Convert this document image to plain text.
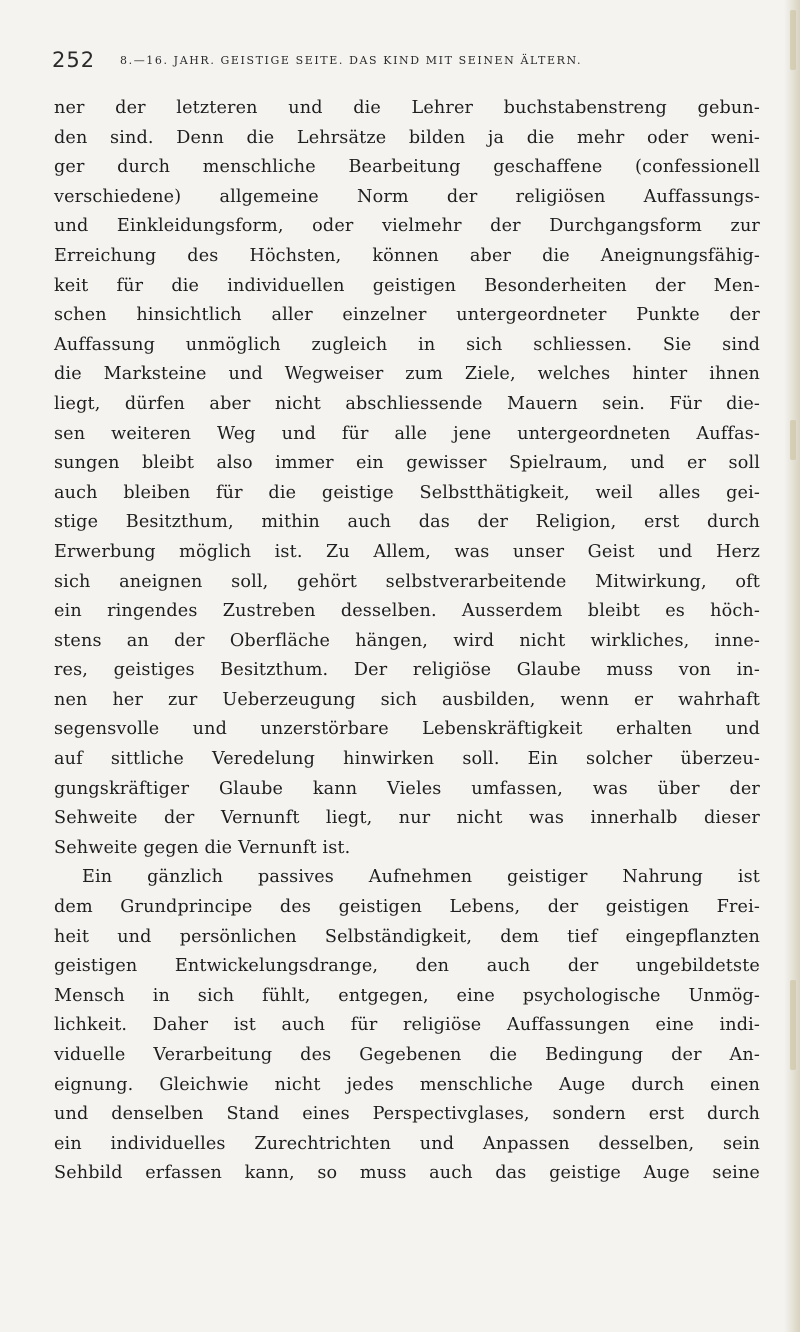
252 8.—16. JAHR. GEISTIGE SEITE. DAS KIND MIT SEINEN ÄLTERN.
ner der letzteren und die Lehrer buchstabenstreng gebun-
den sind. Denn die Lehrsätze bilden ja die mehr oder weni-
ger durch menschliche Bearbeitung geschaffene (confessionell
verschiedene) allgemeine Norm der religiösen Auffassungs-
und Einkleidungsform, oder vielmehr der Durchgangsform zur
Erreichung des Höchsten, können aber die Aneignungsfähig-
keit für die individuellen geistigen Besonderheiten der Men-
schen hinsichtlich aller einzelner untergeordneter Punkte der
Auffassung unmöglich zugleich in sich schliessen. Sie sind
die Marksteine und Wegweiser zum Ziele, welches hinter ihnen
liegt, dürfen aber nicht abschliessende Mauern sein. Für die-
sen weiteren Weg und für alle jene untergeordneten Auffas-
sungen bleibt also immer ein gewisser Spielraum, und er soll
auch bleiben für die geistige Selbstthätigkeit, weil alles gei-
stige Besitzthum, mithin auch das der Religion, erst durch
Erwerbung möglich ist. Zu Allem, was unser Geist und Herz
sich aneignen soll, gehört selbstverarbeitende Mitwirkung, oft
ein ringendes Zustreben desselben. Ausserdem bleibt es höch-
stens an der Oberfläche hängen, wird nicht wirkliches, inne-
res, geistiges Besitzthum. Der religiöse Glaube muss von in-
nen her zur Ueberzeugung sich ausbilden, wenn er wahrhaft
segensvolle und unzerstörbare Lebenskräftigkeit erhalten und
auf sittliche Veredelung hinwirken soll. Ein solcher überzeu-
gungskräftiger Glaube kann Vieles umfassen, was über der
Sehweite der Vernunft liegt, nur nicht was innerhalb dieser
Sehweite gegen die Vernunft ist.
Ein gänzlich passives Aufnehmen geistiger Nahrung ist
dem Grundprincipe des geistigen Lebens, der geistigen Frei-
heit und persönlichen Selbständigkeit, dem tief eingepflanzten
geistigen Entwickelungsdrange, den auch der ungebildetste
Mensch in sich fühlt, entgegen, eine psychologische Unmög-
lichkeit. Daher ist auch für religiöse Auffassungen eine indi-
viduelle Verarbeitung des Gegebenen die Bedingung der An-
eignung. Gleichwie nicht jedes menschliche Auge durch einen
und denselben Stand eines Perspectivglases, sondern erst durch
ein individuelles Zurechtrichten und Anpassen desselben, sein
Sehbild erfassen kann, so muss auch das geistige Auge seine
